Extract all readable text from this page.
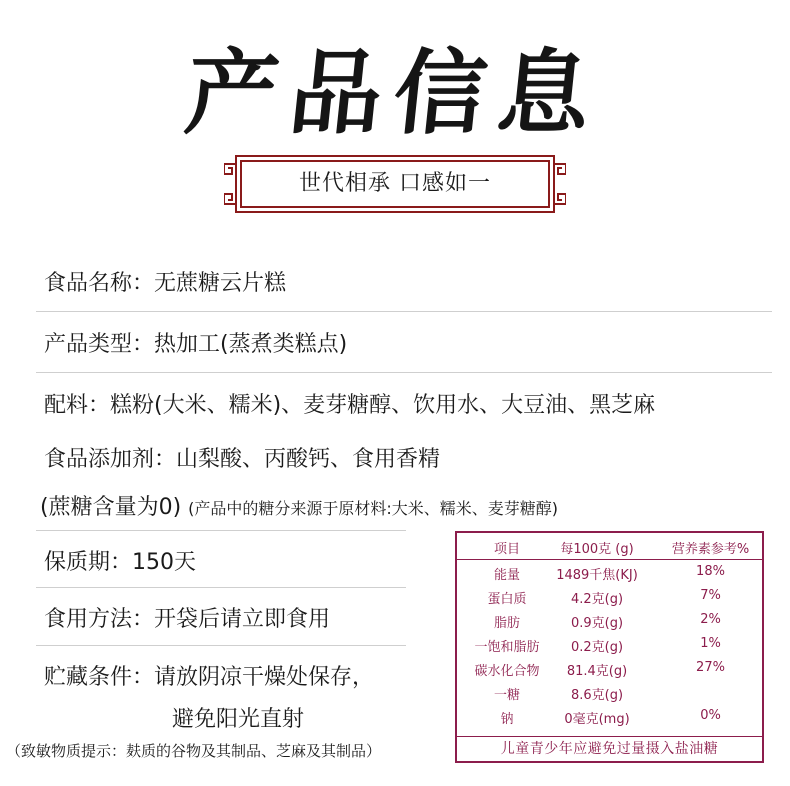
产品信息
世代相承 口感如一
食品名称：无蔗糖云片糕
产品类型：热加工(蒸煮类糕点)
配料：糕粉(大米、糯米)、麦芽糖醇、饮用水、大豆油、黑芝麻
食品添加剂：山梨酸、丙酸钙、食用香精
(蔗糖含量为0) (产品中的糖分来源于原材料:大米、糯米、麦芽糖醇)
保质期：150天
食用方法：开袋后请立即食用
贮藏条件：请放阴凉干燥处保存，
避免阳光直射
（致敏物质提示：麸质的谷物及其制品、芝麻及其制品）
项目	每100克 (g)	营养素参考%
能量	1489千焦(KJ)	18%
蛋白质	4.2克(g)	7%
脂肪	0.9克(g)	2%
一饱和脂肪	0.2克(g)	1%
碳水化合物	81.4克(g)	27%
一糖	8.6克(g)
钠	0毫克(mg)	0%
儿童青少年应避免过量摄入盐油糖
